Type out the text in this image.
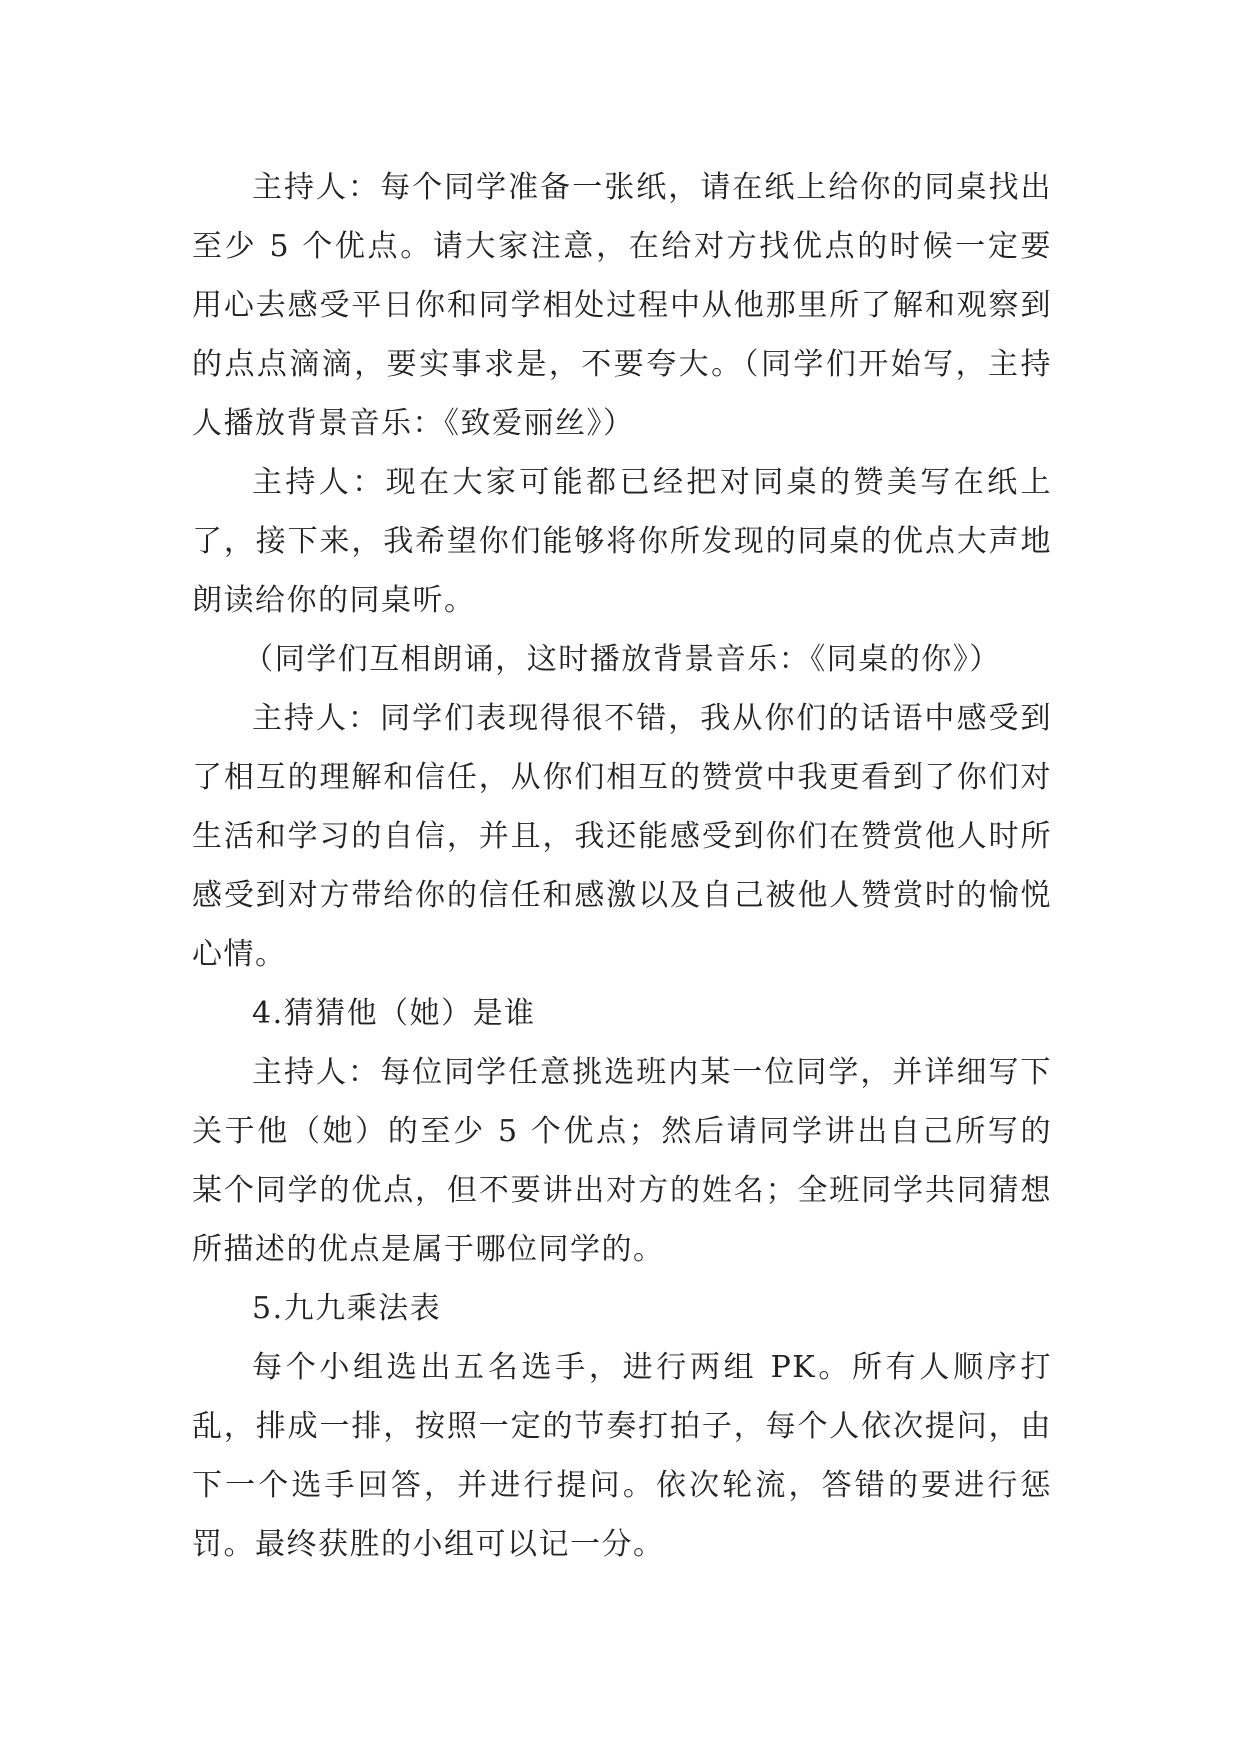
主持人：每个同学准备一张纸，请在纸上给你的同桌找出至少 5 个优点。请大家注意，在给对方找优点的时候一定要用心去感受平日你和同学相处过程中从他那里所了解和观察到的点点滴滴，要实事求是，不要夸大。（同学们开始写，主持人播放背景音乐：《致爱丽丝》）

主持人：现在大家可能都已经把对同桌的赞美写在纸上了，接下来，我希望你们能够将你所发现的同桌的优点大声地朗读给你的同桌听。

（同学们互相朗诵，这时播放背景音乐：《同桌的你》）

主持人：同学们表现得很不错，我从你们的话语中感受到了相互的理解和信任，从你们相互的赞赏中我更看到了你们对生活和学习的自信，并且，我还能感受到你们在赞赏他人时所感受到对方带给你的信任和感激以及自己被他人赞赏时的愉悦心情。

4.猜猜他（她）是谁

主持人：每位同学任意挑选班内某一位同学，并详细写下关于他（她）的至少 5 个优点；然后请同学讲出自己所写的某个同学的优点，但不要讲出对方的姓名；全班同学共同猜想所描述的优点是属于哪位同学的。

5.九九乘法表

每个小组选出五名选手，进行两组 PK。所有人顺序打乱，排成一排，按照一定的节奏打拍子，每个人依次提问，由下一个选手回答，并进行提问。依次轮流，答错的要进行惩罚。最终获胜的小组可以记一分。
